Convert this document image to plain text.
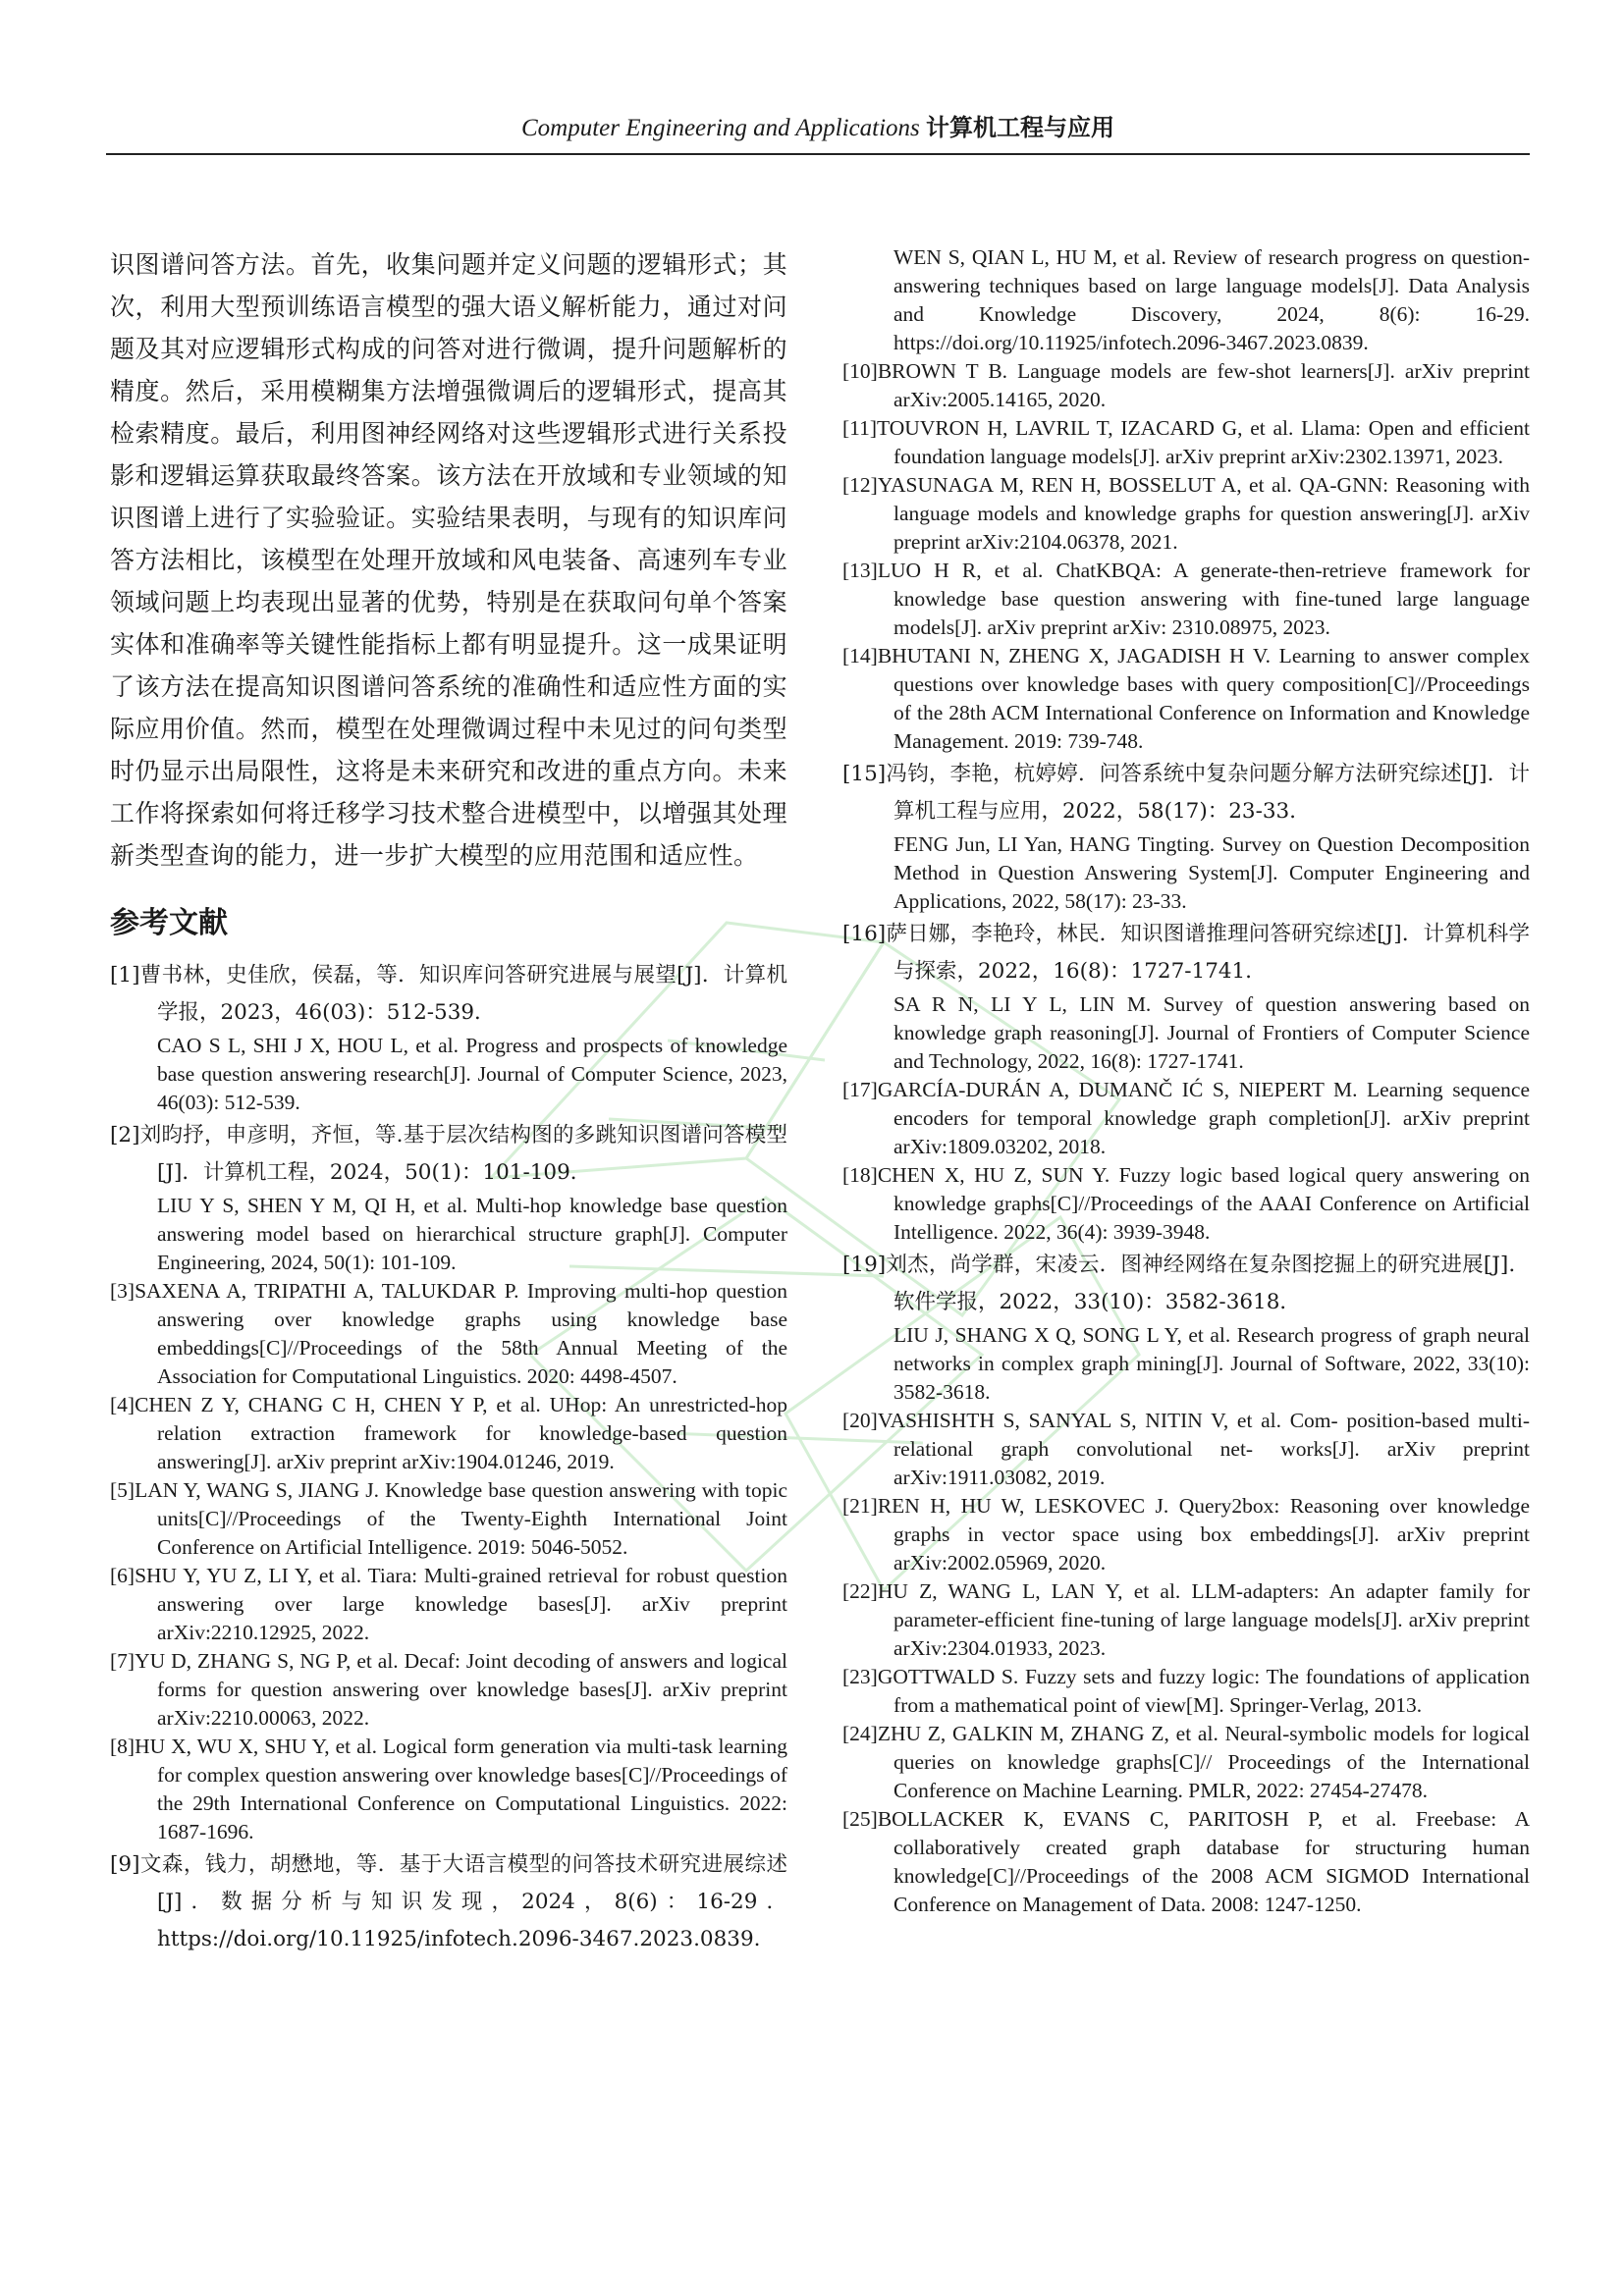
Computer Engineering and Applications 计算机工程与应用

识图谱问答方法。首先，收集问题并定义问题的逻辑形式；其次，利用大型预训练语言模型的强大语义解析能力，通过对问题及其对应逻辑形式构成的问答对进行微调，提升问题解析的精度。然后，采用模糊集方法增强微调后的逻辑形式，提高其检索精度。最后，利用图神经网络对这些逻辑形式进行关系投影和逻辑运算获取最终答案。该方法在开放域和专业领域的知识图谱上进行了实验验证。实验结果表明，与现有的知识库问答方法相比，该模型在处理开放域和风电装备、高速列车专业领域问题上均表现出显著的优势，特别是在获取问句单个答案实体和准确率等关键性能指标上都有明显提升。这一成果证明了该方法在提高知识图谱问答系统的准确性和适应性方面的实际应用价值。然而，模型在处理微调过程中未见过的问句类型时仍显示出局限性，这将是未来研究和改进的重点方向。未来工作将探索如何将迁移学习技术整合进模型中，以增强其处理新类型查询的能力，进一步扩大模型的应用范围和适应性。

参考文献

[1]曹书林，史佳欣，侯磊，等．知识库问答研究进展与展望[J]．计算机学报，2023，46(03)：512-539．

CAO S L, SHI J X, HOU L, et al. Progress and prospects of knowledge base question answering research[J]. Journal of Computer Science, 2023, 46(03): 512-539.

[2]刘昀抒，申彦明，齐恒，等.基于层次结构图的多跳知识图谱问答模型[J]．计算机工程，2024，50(1)：101-109．

LIU Y S, SHEN Y M, QI H, et al. Multi-hop knowledge base question answering model based on hierarchical structure graph[J]. Computer Engineering, 2024, 50(1): 101-109.

[3]SAXENA A, TRIPATHI A, TALUKDAR P. Improving multi-hop question answering over knowledge graphs using knowledge base embeddings[C]//Proceedings of the 58th Annual Meeting of the Association for Computational Linguistics. 2020: 4498-4507.

[4]CHEN Z Y, CHANG C H, CHEN Y P, et al. UHop: An unrestricted-hop relation extraction framework for knowledge-based question answering[J]. arXiv preprint arXiv:1904.01246, 2019.

[5]LAN Y, WANG S, JIANG J. Knowledge base question answering with topic units[C]//Proceedings of the Twenty-Eighth International Joint Conference on Artificial Intelligence. 2019: 5046-5052.

[6]SHU Y, YU Z, LI Y, et al. Tiara: Multi-grained retrieval for robust question answering over large knowledge bases[J]. arXiv preprint arXiv:2210.12925, 2022.

[7]YU D, ZHANG S, NG P, et al. Decaf: Joint decoding of answers and logical forms for question answering over knowledge bases[J]. arXiv preprint arXiv:2210.00063, 2022.

[8]HU X, WU X, SHU Y, et al. Logical form generation via multi-task learning for complex question answering over knowledge bases[C]//Proceedings of the 29th International Conference on Computational Linguistics. 2022: 1687-1696.

[9]文森，钱力，胡懋地，等．基于大语言模型的问答技术研究进展综述[J]．数据分析与知识发现，2024，8(6)：16-29．https://doi.org/10.11925/infotech.2096-3467.2023.0839.

WEN S, QIAN L, HU M, et al. Review of research progress on question-answering techniques based on large language models[J]. Data Analysis and Knowledge Discovery, 2024, 8(6): 16-29. https://doi.org/10.11925/infotech.2096-3467.2023.0839.

[10]BROWN T B. Language models are few-shot learners[J]. arXiv preprint arXiv:2005.14165, 2020.

[11]TOUVRON H, LAVRIL T, IZACARD G, et al. Llama: Open and efficient foundation language models[J]. arXiv preprint arXiv:2302.13971, 2023.

[12]YASUNAGA M, REN H, BOSSELUT A, et al. QA-GNN: Reasoning with language models and knowledge graphs for question answering[J]. arXiv preprint arXiv:2104.06378, 2021.

[13]LUO H R, et al. ChatKBQA: A generate-then-retrieve framework for knowledge base question answering with fine-tuned large language models[J]. arXiv preprint arXiv: 2310.08975, 2023.

[14]BHUTANI N, ZHENG X, JAGADISH H V. Learning to answer complex questions over knowledge bases with query composition[C]//Proceedings of the 28th ACM International Conference on Information and Knowledge Management. 2019: 739-748.

[15]冯钧，李艳，杭婷婷．问答系统中复杂问题分解方法研究综述[J]．计算机工程与应用，2022，58(17)：23-33．

FENG Jun, LI Yan, HANG Tingting. Survey on Question Decomposition Method in Question Answering System[J]. Computer Engineering and Applications, 2022, 58(17): 23-33.

[16]萨日娜，李艳玲，林民．知识图谱推理问答研究综述[J]．计算机科学与探索，2022，16(8)：1727-1741．

SA R N, LI Y L, LIN M. Survey of question answering based on knowledge graph reasoning[J]. Journal of Frontiers of Computer Science and Technology, 2022, 16(8): 1727-1741.

[17]GARCÍA-DURÁN A, DUMANČ IĆ S, NIEPERT M. Learning sequence encoders for temporal knowledge graph completion[J]. arXiv preprint arXiv:1809.03202, 2018.

[18]CHEN X, HU Z, SUN Y. Fuzzy logic based logical query answering on knowledge graphs[C]//Proceedings of the AAAI Conference on Artificial Intelligence. 2022, 36(4): 3939-3948.

[19]刘杰，尚学群，宋凌云．图神经网络在复杂图挖掘上的研究进展[J]．软件学报，2022，33(10)：3582-3618．

LIU J, SHANG X Q, SONG L Y, et al. Research progress of graph neural networks in complex graph mining[J]. Journal of Software, 2022, 33(10): 3582-3618.

[20]VASHISHTH S, SANYAL S, NITIN V, et al. Com- position-based multi-relational graph convolutional net- works[J]. arXiv preprint arXiv:1911.03082, 2019.

[21]REN H, HU W, LESKOVEC J. Query2box: Reasoning over knowledge graphs in vector space using box embeddings[J]. arXiv preprint arXiv:2002.05969, 2020.

[22]HU Z, WANG L, LAN Y, et al. LLM-adapters: An adapter family for parameter-efficient fine-tuning of large language models[J]. arXiv preprint arXiv:2304.01933, 2023.

[23]GOTTWALD S. Fuzzy sets and fuzzy logic: The foundations of application from a mathematical point of view[M]. Springer-Verlag, 2013.

[24]ZHU Z, GALKIN M, ZHANG Z, et al. Neural-symbolic models for logical queries on knowledge graphs[C]// Proceedings of the International Conference on Machine Learning. PMLR, 2022: 27454-27478.

[25]BOLLACKER K, EVANS C, PARITOSH P, et al. Freebase: A collaboratively created graph database for structuring human knowledge[C]//Proceedings of the 2008 ACM SIGMOD International Conference on Management of Data. 2008: 1247-1250.
